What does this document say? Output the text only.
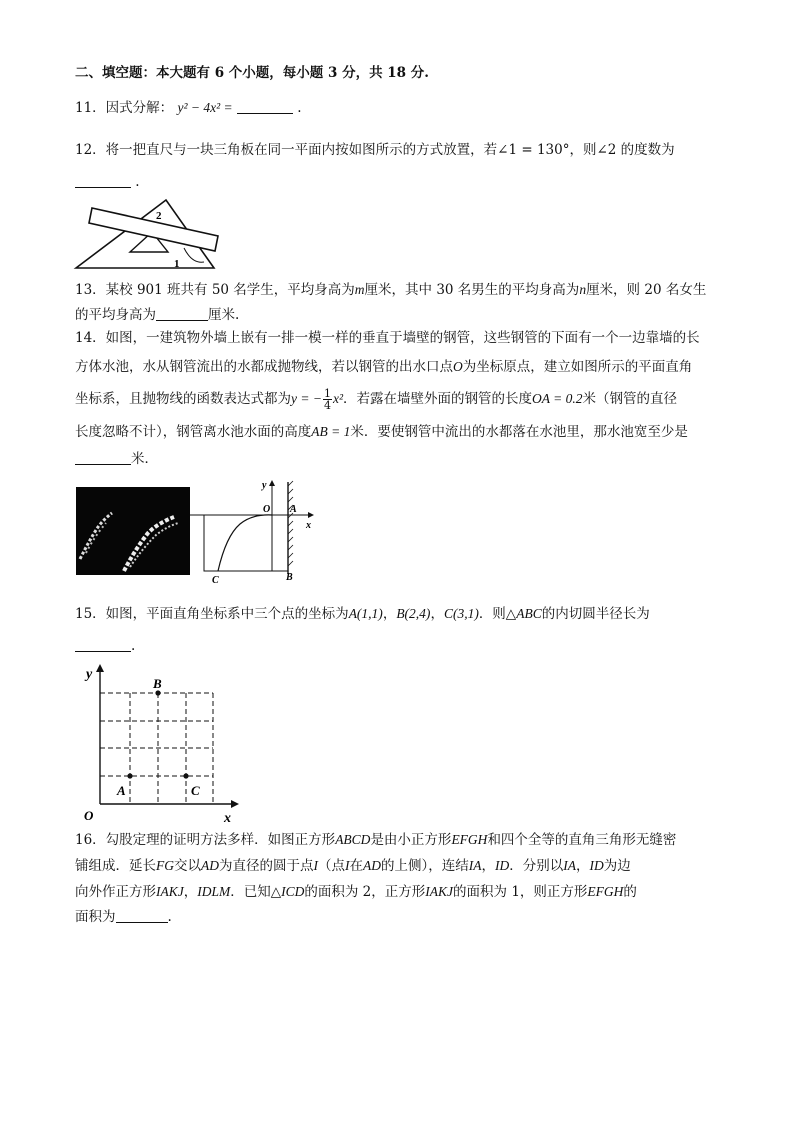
二、填空题：本大题有 6 个小题，每小题 3 分，共 18 分.
11．因式分解： y² − 4x² =	.
12．将一把直尺与一块三角板在同一平面内按如图所示的方式放置，若∠1 = 130°，则∠2 的度数为
.
1
2
13．某校 901 班共有 50 名学生，平均身高为m厘米，其中 30 名男生的平均身高为n厘米，则 20 名女生
的平均身高为	厘米.
14．如图，一建筑物外墙上嵌有一排一模一样的垂直于墙壁的钢管，这些钢管的下面有一个一边靠墙的长
方体水池，水从钢管流出的水都成抛物线，若以钢管的出水口点O为坐标原点，建立如图所示的平面直角
坐标系，且抛物线的函数表达式都为y = − $\frac{1}{4} x^2$．若露在墙壁外面的钢管的长度OA = 0.2米（钢管的直径
长度忽略不计），钢管离水池水面的高度AB = 1米．要使钢管中流出的水都落在水池里，那水池宽至少是
米．
y
O A
x
C	B
15．如图，平面直角坐标系中三个点的坐标为A(1,1)，B(2,4)，C(3,1)．则△ABC的内切圆半径长为
.
y
B
A	C
O	x
16．勾股定理的证明方法多样．如图正方形ABCD是由小正方形EFGH和四个全等的直角三角形无缝密
铺组成．延长FG交以AD为直径的圆于点I（点I在AD的上侧），连结IA，ID．分别以IA，ID为边
向外作正方形IAKJ，IDLM．已知△ICD的面积为 2，正方形IAKJ的面积为 1，则正方形EFGH的
面积为	.
